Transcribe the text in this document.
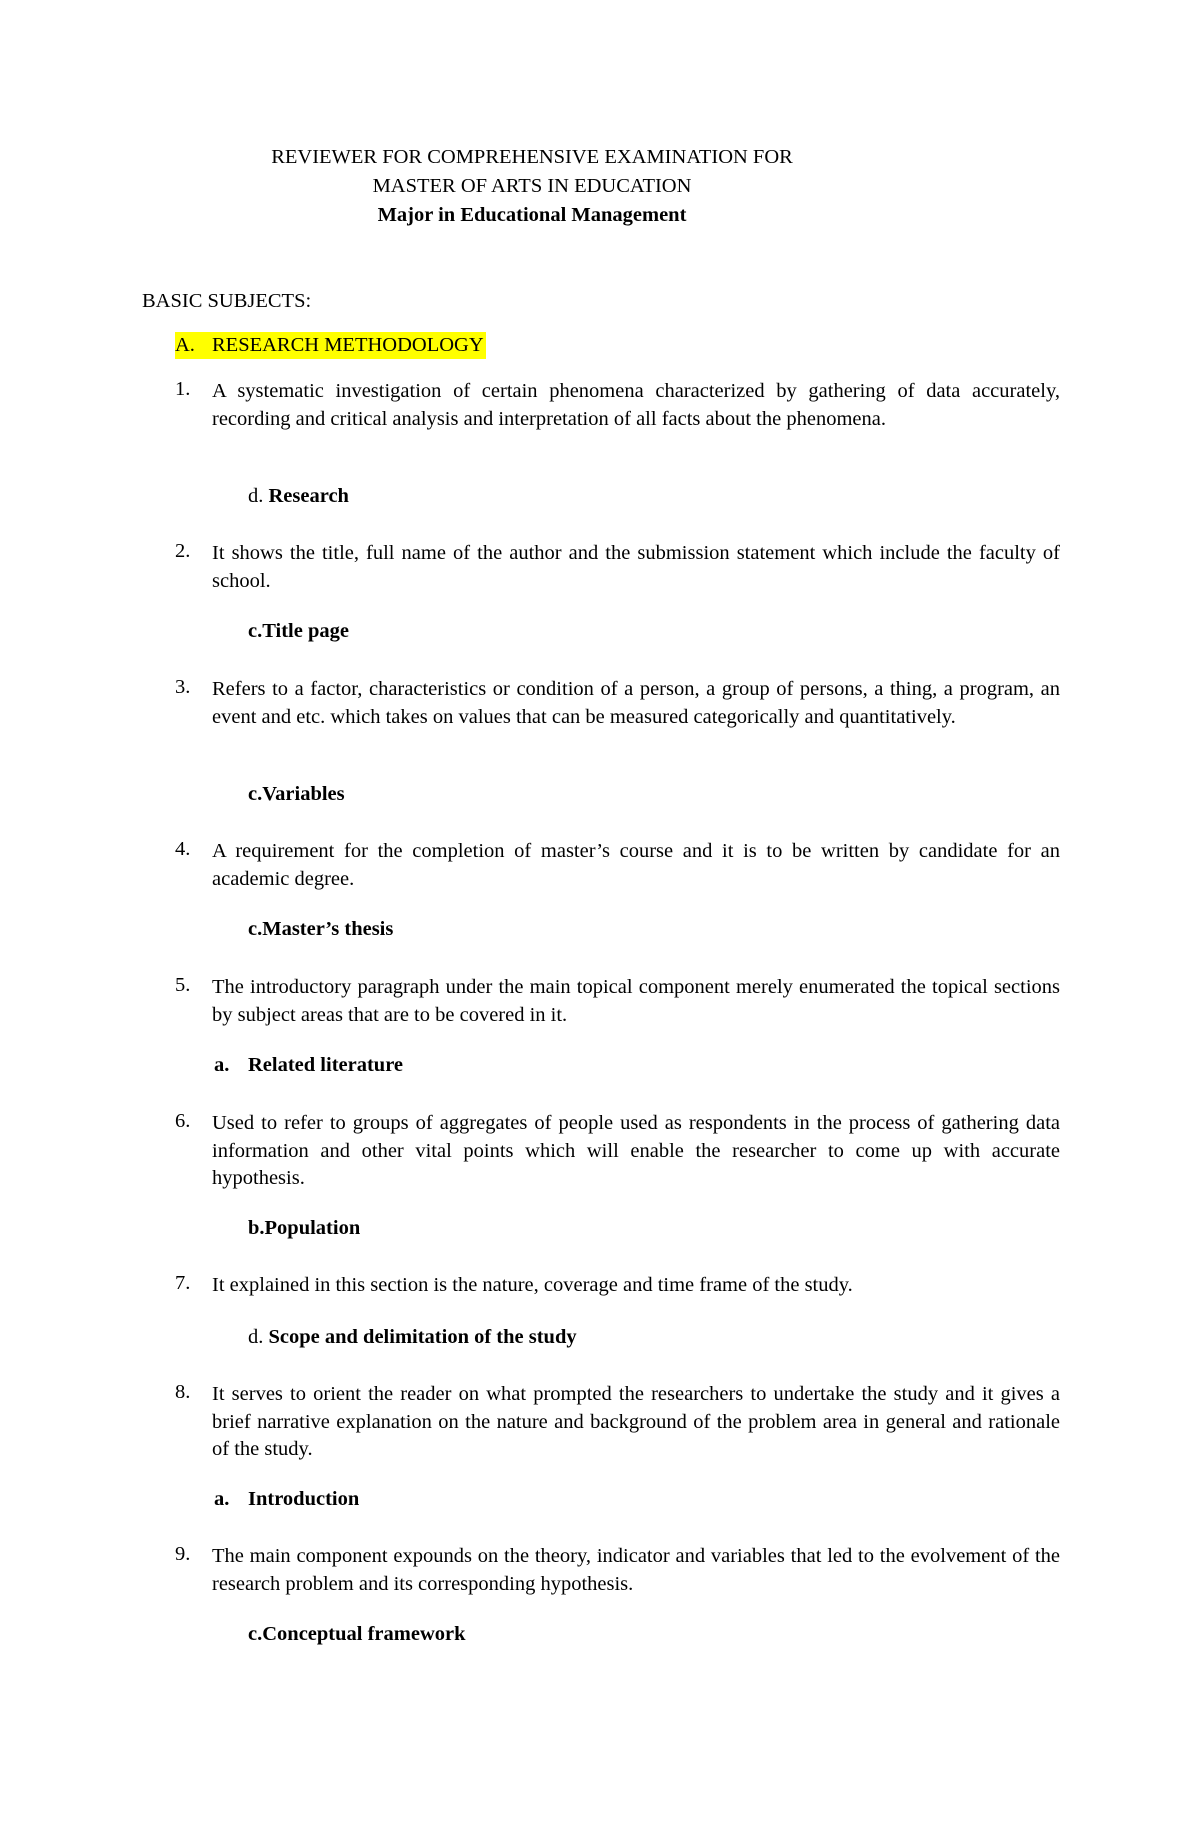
REVIEWER FOR COMPREHENSIVE EXAMINATION FOR
MASTER OF ARTS IN EDUCATION
Major in Educational Management
BASIC SUBJECTS:
A. RESEARCH METHODOLOGY
1.	A systematic investigation of certain phenomena characterized by gathering of data accurately, recording and critical analysis and interpretation of all facts about the phenomena.
d. Research
2.	It shows the title, full name of the author and the submission statement which include the faculty of school.
c.Title page
3.	Refers to a factor, characteristics or condition of a person, a group of persons, a thing, a program, an event and etc. which takes on values that can be measured categorically and quantitatively.
c.Variables
4.	A requirement for the completion of master’s course and it is to be written by candidate for an academic degree.
c.Master’s thesis
5.	The introductory paragraph under the main topical component merely enumerated the topical sections by subject areas that are to be covered in it.
a. Related literature
6.	Used to refer to groups of aggregates of people used as respondents in the process of gathering data information and other vital points which will enable the researcher to come up with accurate hypothesis.
b.Population
7.	It explained in this section is the nature, coverage and time frame of the study.
d. Scope and delimitation of the study
8.	It serves to orient the reader on what prompted the researchers to undertake the study and it gives a brief narrative explanation on the nature and background of the problem area in general and rationale of the study.
a. Introduction
9.	The main component expounds on the theory, indicator and variables that led to the evolvement of the research problem and its corresponding hypothesis.
c.Conceptual framework
